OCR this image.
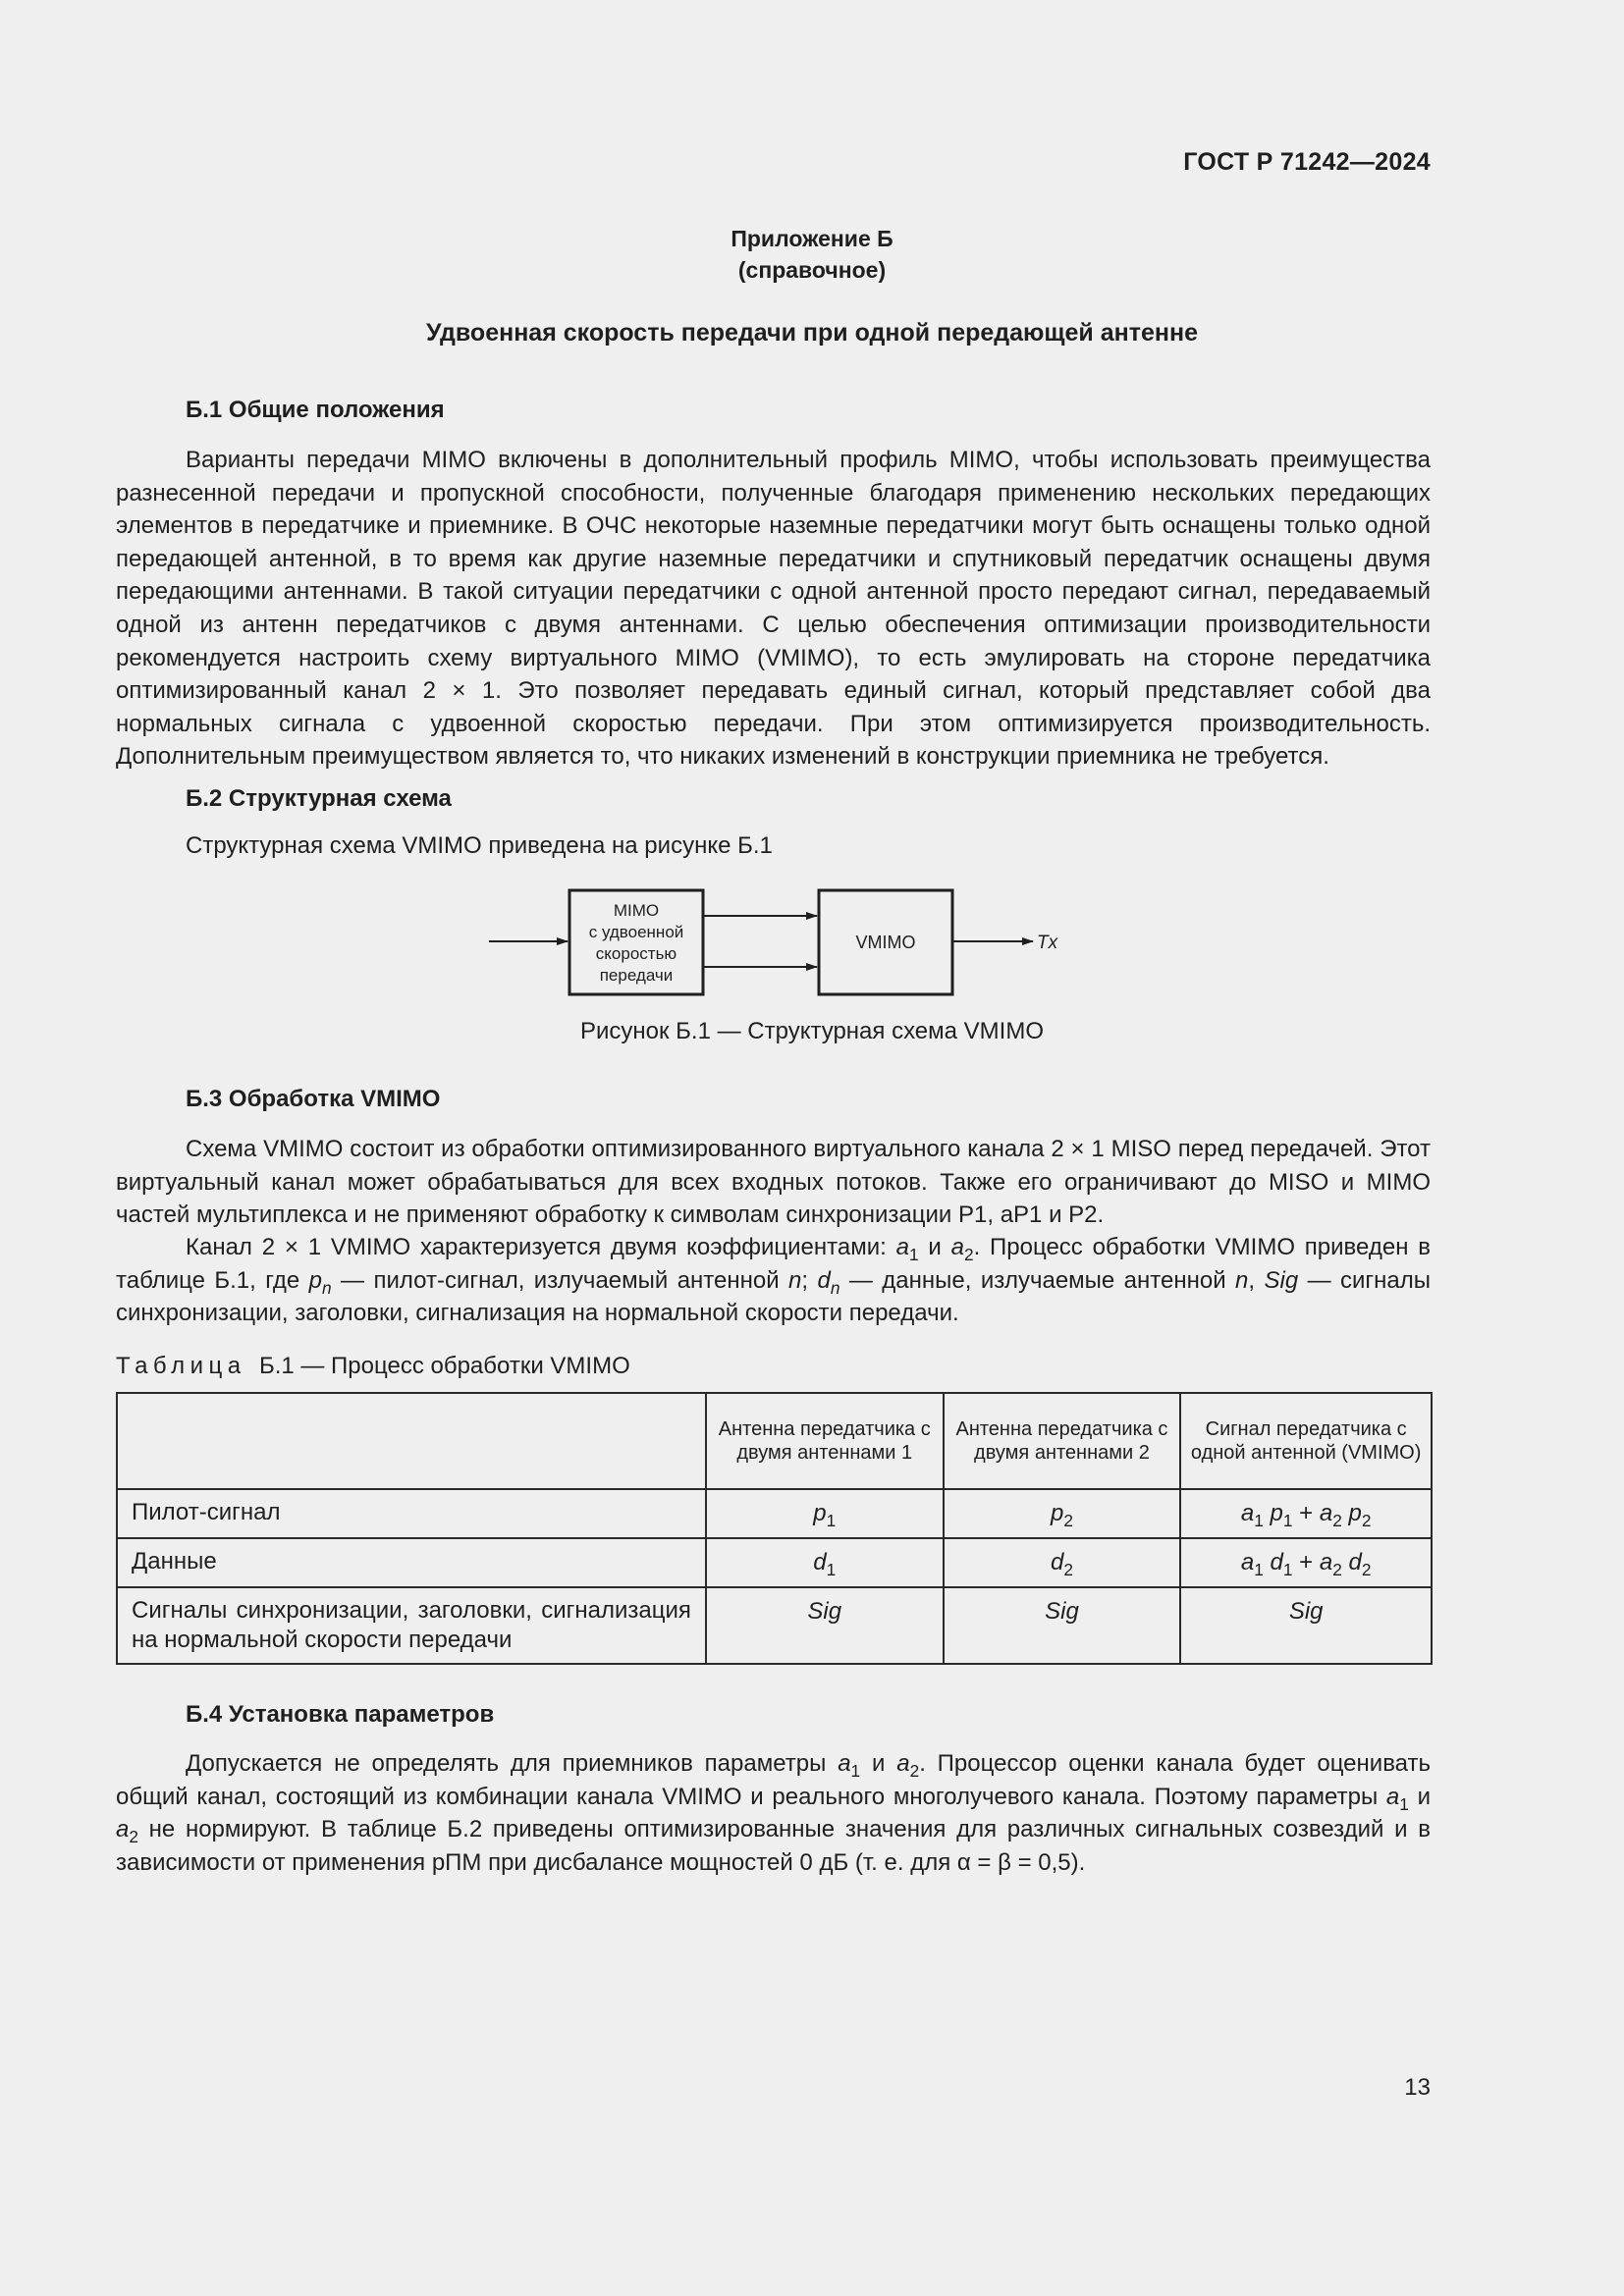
ГОСТ Р 71242—2024
Приложение Б
(справочное)
Удвоенная скорость передачи при одной передающей антенне
Б.1 Общие положения
Варианты передачи MIMO включены в дополнительный профиль MIMO, чтобы использовать преимущества разнесенной передачи и пропускной способности, полученные благодаря применению нескольких передающих элементов в передатчике и приемнике. В ОЧС некоторые наземные передатчики могут быть оснащены только одной передающей антенной, в то время как другие наземные передатчики и спутниковый передатчик оснащены двумя передающими антеннами. В такой ситуации передатчики с одной антенной просто передают сигнал, передаваемый одной из антенн передатчиков с двумя антеннами. С целью обеспечения оптимизации производительности рекомендуется настроить схему виртуального MIMO (VMIMO), то есть эмулировать на стороне передатчика оптимизированный канал 2 × 1. Это позволяет передавать единый сигнал, который представляет собой два нормальных сигнала с удвоенной скоростью передачи. При этом оптимизируется производительность. Дополнительным преимуществом является то, что никаких изменений в конструкции приемника не требуется.
Б.2 Структурная схема
Структурная схема VMIMO приведена на рисунке Б.1
MIMO
с удвоенной
скоростью
передачи
VMIMO	Tx
Рисунок Б.1 — Структурная схема VMIMO
Б.3 Обработка VMIMO
Схема VMIMO состоит из обработки оптимизированного виртуального канала 2 × 1 MISO перед передачей. Этот виртуальный канал может обрабатываться для всех входных потоков. Также его ограничивают до MISO и MIMO частей мультиплекса и не применяют обработку к символам синхронизации P1, aP1 и P2.
Канал 2 × 1 VMIMO характеризуется двумя коэффициентами: $a_1$ и $a_2$. Процесс обработки VMIMO приведен в таблице Б.1, где $p_n$ — пилот-сигнал, излучаемый антенной n; $d_n$ — данные, излучаемые антенной n, Sig — сигналы синхронизации, заголовки, сигнализация на нормальной скорости передачи.
Таблица Б.1 — Процесс обработки VMIMO
	Антенна передатчика с двумя антеннами 1	Антенна передатчика с двумя антеннами 2	Сигнал передатчика с одной антенной (VMIMO)
Пилот-сигнал	$p_1$	$p_2$	$a_1$ $p_1 + a_2$ $p_2$
Данные	$d_1$	$d_2$	$a_1$ $d_1 + a_2$ $d_2$
Сигналы синхронизации, заголовки, сигнализация на нормальной скорости передачи	Sig	Sig	Sig
Б.4 Установка параметров
Допускается не определять для приемников параметры $a_1$ и $a_2$. Процессор оценки канала будет оценивать общий канал, состоящий из комбинации канала VMIMO и реального многолучевого канала. Поэтому параметры $a_1$ и $a_2$ не нормируют. В таблице Б.2 приведены оптимизированные значения для различных сигнальных созвездий и в зависимости от применения рПМ при дисбалансе мощностей 0 дБ (т. е. для α = β = 0,5).
13
